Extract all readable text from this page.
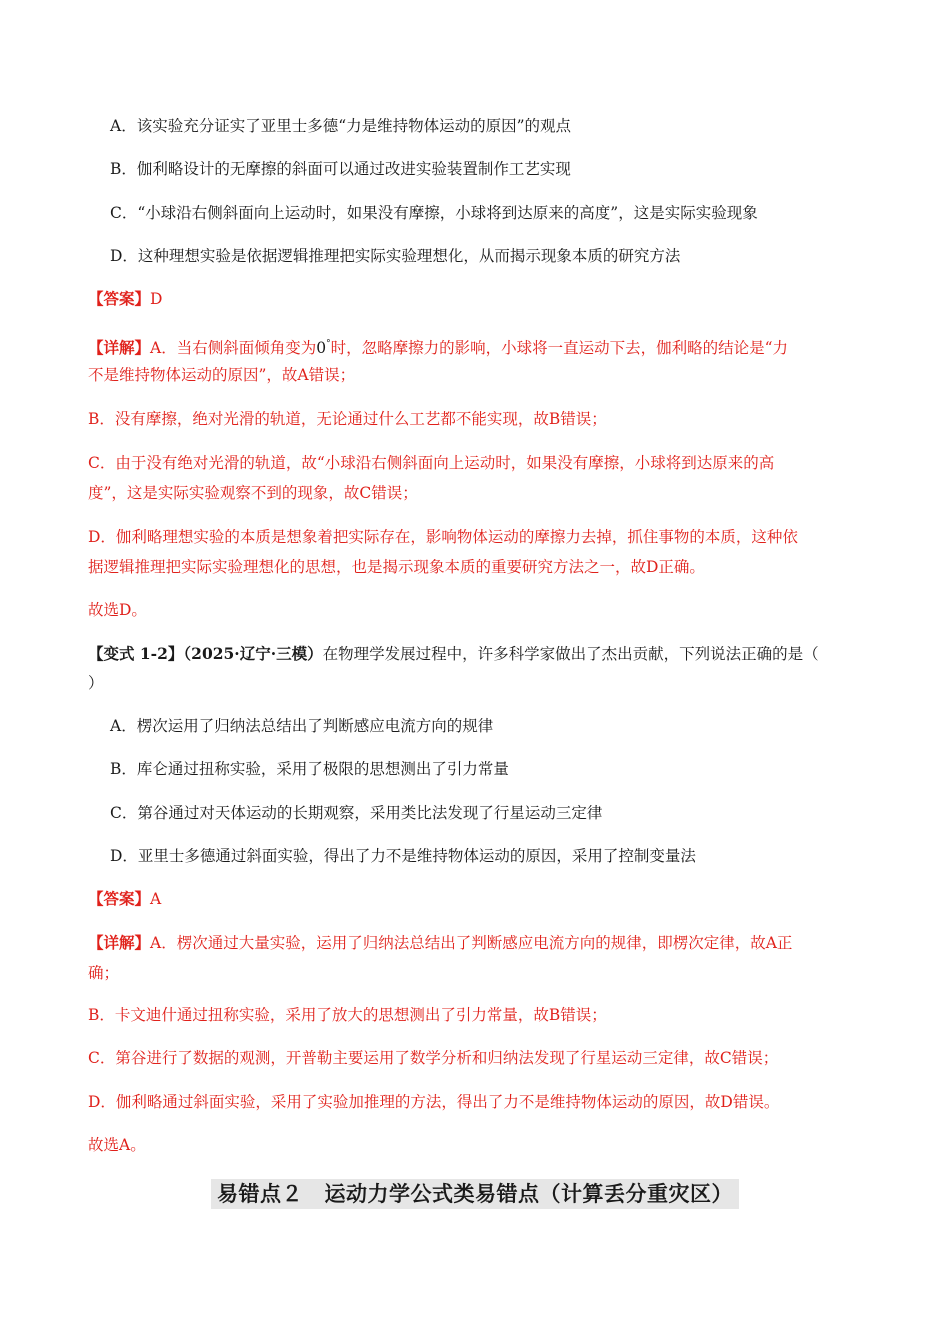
A．该实验充分证实了亚里士多德“力是维持物体运动的原因”的观点
B．伽利略设计的无摩擦的斜面可以通过改进实验装置制作工艺实现
C．“小球沿右侧斜面向上运动时，如果没有摩擦，小球将到达原来的高度”，这是实际实验现象
D．这种理想实验是依据逻辑推理把实际实验理想化，从而揭示现象本质的研究方法
【答案】D
【详解】A．当右侧斜面倾角变为0°时，忽略摩擦力的影响，小球将一直运动下去，伽利略的结论是“力
不是维持物体运动的原因”，故A错误；
B．没有摩擦，绝对光滑的轨道，无论通过什么工艺都不能实现，故B错误；
C．由于没有绝对光滑的轨道，故“小球沿右侧斜面向上运动时，如果没有摩擦，小球将到达原来的高
度”，这是实际实验观察不到的现象，故C错误；
D．伽利略理想实验的本质是想象着把实际存在，影响物体运动的摩擦力去掉，抓住事物的本质，这种依
据逻辑推理把实际实验理想化的思想，也是揭示现象本质的重要研究方法之一，故D正确。
故选D。
【变式 1-2】（2025·辽宁·三模）在物理学发展过程中，许多科学家做出了杰出贡献，下列说法正确的是（
）
A．楞次运用了归纳法总结出了判断感应电流方向的规律
B．库仑通过扭称实验，采用了极限的思想测出了引力常量
C．第谷通过对天体运动的长期观察，采用类比法发现了行星运动三定律
D．亚里士多德通过斜面实验，得出了力不是维持物体运动的原因，采用了控制变量法
【答案】A
【详解】A．楞次通过大量实验，运用了归纳法总结出了判断感应电流方向的规律，即楞次定律，故A正
确；
B．卡文迪什通过扭称实验，采用了放大的思想测出了引力常量，故B错误；
C．第谷进行了数据的观测，开普勒主要运用了数学分析和归纳法发现了行星运动三定律，故C错误；
D．伽利略通过斜面实验，采用了实验加推理的方法，得出了力不是维持物体运动的原因，故D错误。
故选A。
易错点２　运动力学公式类易错点（计算丢分重灾区）
